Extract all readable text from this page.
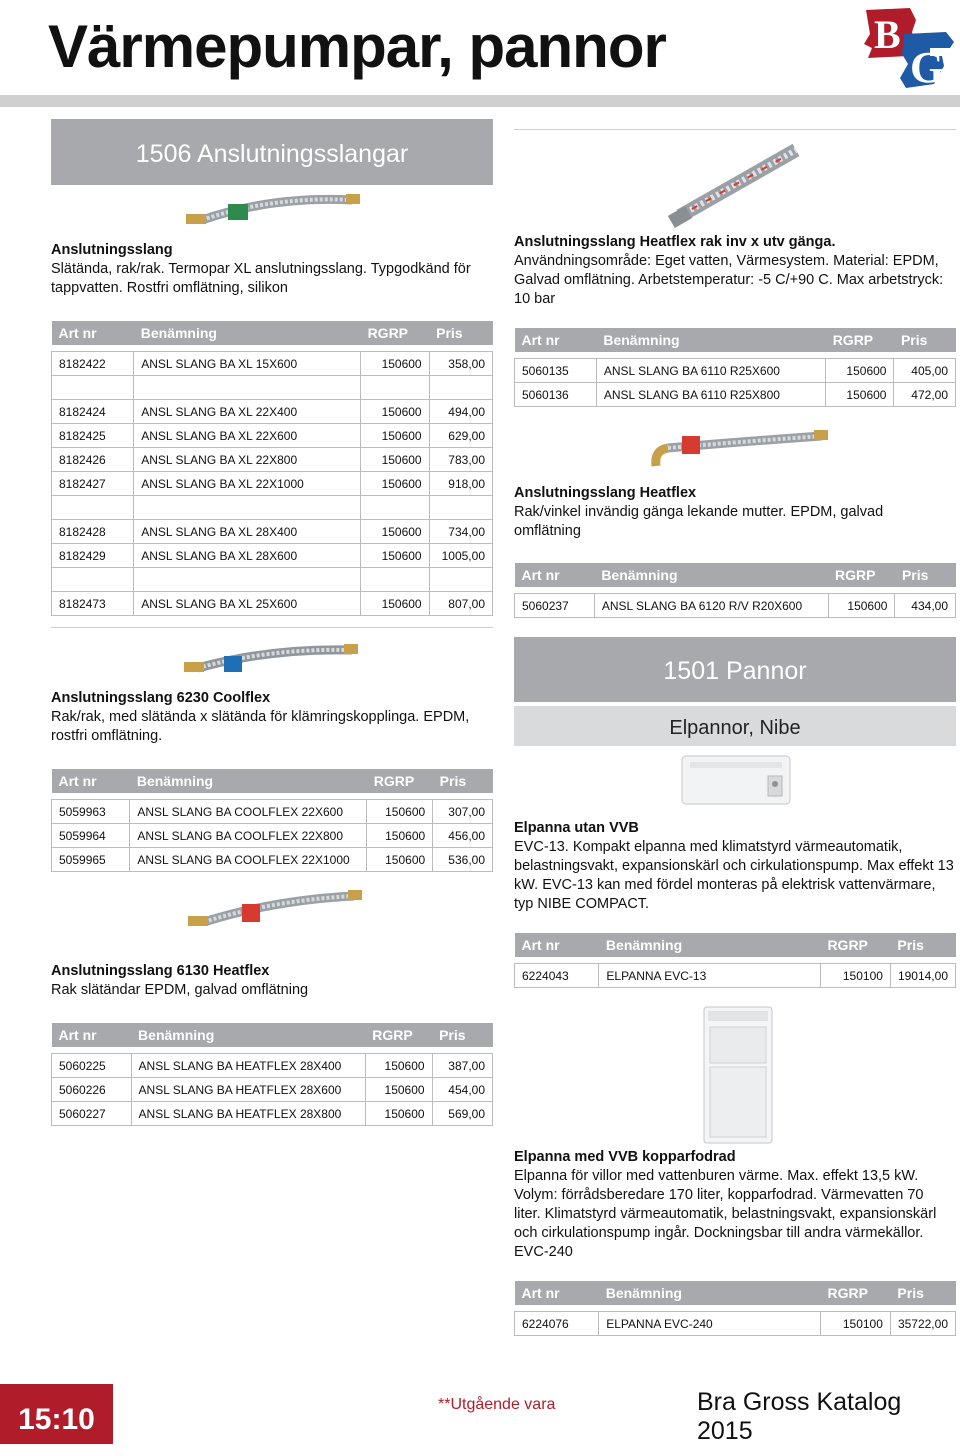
Värmepumpar, pannor	B
G
1506 Anslutningsslangar
Anslutningsslang
Slätända, rak/rak. Termopar XL anslutningsslang. Typgodkänd för tappvatten. Rostfri omflätning, silikon
Art nr	Benämning	RGRP	Pris

8182422	ANSL SLANG BA XL 15X600	150600	358,00

8182424	ANSL SLANG BA XL 22X400	150600	494,00
8182425	ANSL SLANG BA XL 22X600	150600	629,00
8182426	ANSL SLANG BA XL 22X800	150600	783,00
8182427	ANSL SLANG BA XL 22X1000	150600	918,00

8182428	ANSL SLANG BA XL 28X400	150600	734,00
8182429	ANSL SLANG BA XL 28X600	150600	1005,00

8182473	ANSL SLANG BA XL 25X600	150600	807,00
Anslutningsslang 6230 Coolflex
Rak/rak, med slätända x slätända för klämringskopplinga. EPDM, rostfri omflätning.
Art nr	Benämning	RGRP	Pris

5059963	ANSL SLANG BA COOLFLEX 22X600	150600	307,00
5059964	ANSL SLANG BA COOLFLEX 22X800	150600	456,00
5059965	ANSL SLANG BA COOLFLEX 22X1000	150600	536,00
Anslutningsslang 6130 Heatflex
Rak slätändar EPDM, galvad omflätning
Art nr	Benämning	RGRP	Pris

5060225	ANSL SLANG BA HEATFLEX 28X400	150600	387,00
5060226	ANSL SLANG BA HEATFLEX 28X600	150600	454,00
5060227	ANSL SLANG BA HEATFLEX 28X800	150600	569,00
Anslutningsslang Heatflex rak inv x utv gänga.
Användningsområde: Eget vatten, Värmesystem. Material: EPDM, Galvad omflätning. Arbetstemperatur: -5 C/+90 C. Max arbetstryck: 10 bar
Art nr	Benämning	RGRP	Pris

5060135	ANSL SLANG BA 6110 R25X600	150600	405,00
5060136	ANSL SLANG BA 6110 R25X800	150600	472,00
Anslutningsslang Heatflex
Rak/vinkel invändig gänga lekande mutter. EPDM, galvad omflätning
Art nr	Benämning	RGRP	Pris

5060237	ANSL SLANG BA 6120 R/V R20X600	150600	434,00
1501 Pannor
Elpannor, Nibe
Elpanna utan VVB
EVC-13. Kompakt elpanna med klimatstyrd värmeautomatik, belastningsvakt, expansionskärl och cirkulationspump. Max effekt 13 kW. EVC-13 kan med fördel monteras på elektrisk vattenvärmare, typ NIBE COMPACT.
Art nr	Benämning	RGRP	Pris

6224043	ELPANNA EVC-13	150100	19014,00
Elpanna med VVB kopparfodrad
Elpanna för villor med vattenburen värme. Max. effekt 13,5 kW. Volym: förrådsberedare 170 liter, kopparfodrad. Värmevatten 70 liter. Klimatstyrd värmeautomatik, belastningsvakt, expansionskärl och cirkulationspump ingår. Dockningsbar till andra värmekällor. EVC-240
Art nr	Benämning	RGRP	Pris

6224076	ELPANNA EVC-240	150100	35722,00
15:10	**Utgående vara	Bra Gross Katalog 2015
